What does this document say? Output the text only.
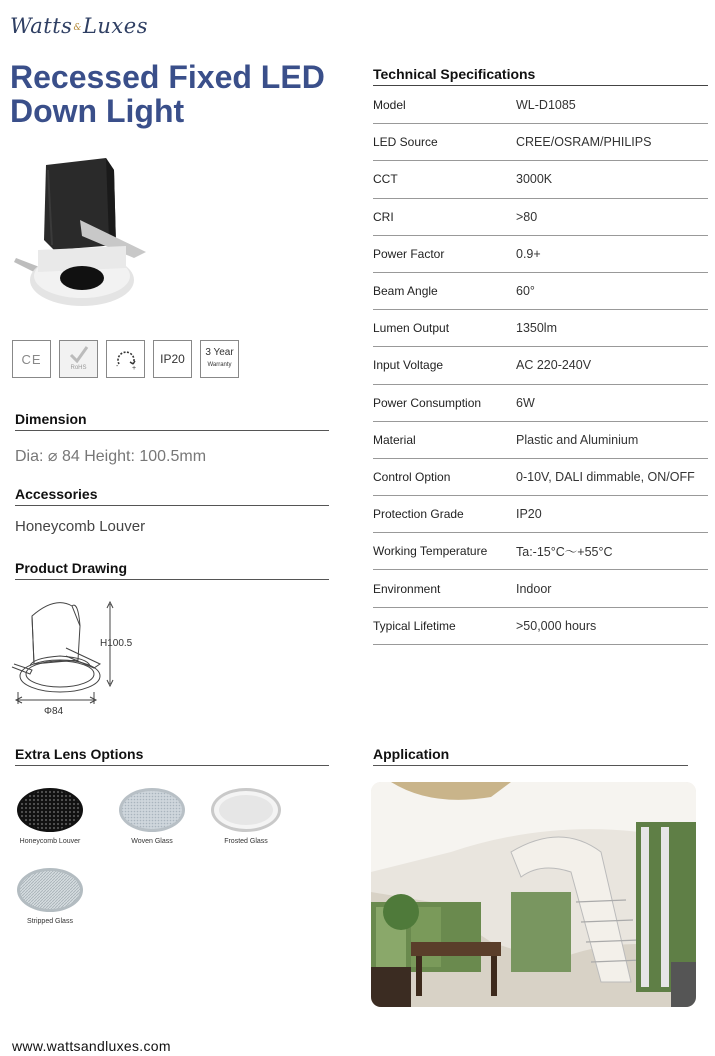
Watts&Luxes
Recessed Fixed LED Down Light
CE
RoHS	- +
IP20	3 Year
Warranty
Dimension
Dia: ⌀ 84 Height: 100.5mm
Accessories
Honeycomb Louver
Product Drawing
H100.5
Φ84
Extra Lens Options
Honeycomb Louver	Woven Glass	Frosted Glass
Stripped Glass
Technical Specifications
Model	WL-D1085
LED Source	CREE/OSRAM/PHILIPS
CCT	3000K
CRI	>80
Power Factor	0.9+
Beam Angle	60°
Lumen Output	1350lm
Input Voltage	AC 220-240V
Power Consumption	6W
Material	Plastic and Aluminium
Control Option	0-10V, DALI dimmable, ON/OFF
Protection Grade	IP20
Working Temperature	Ta:-15°C～+55°C
Environment	Indoor
Typical Lifetime	>50,000 hours
Application
www.wattsandluxes.com
